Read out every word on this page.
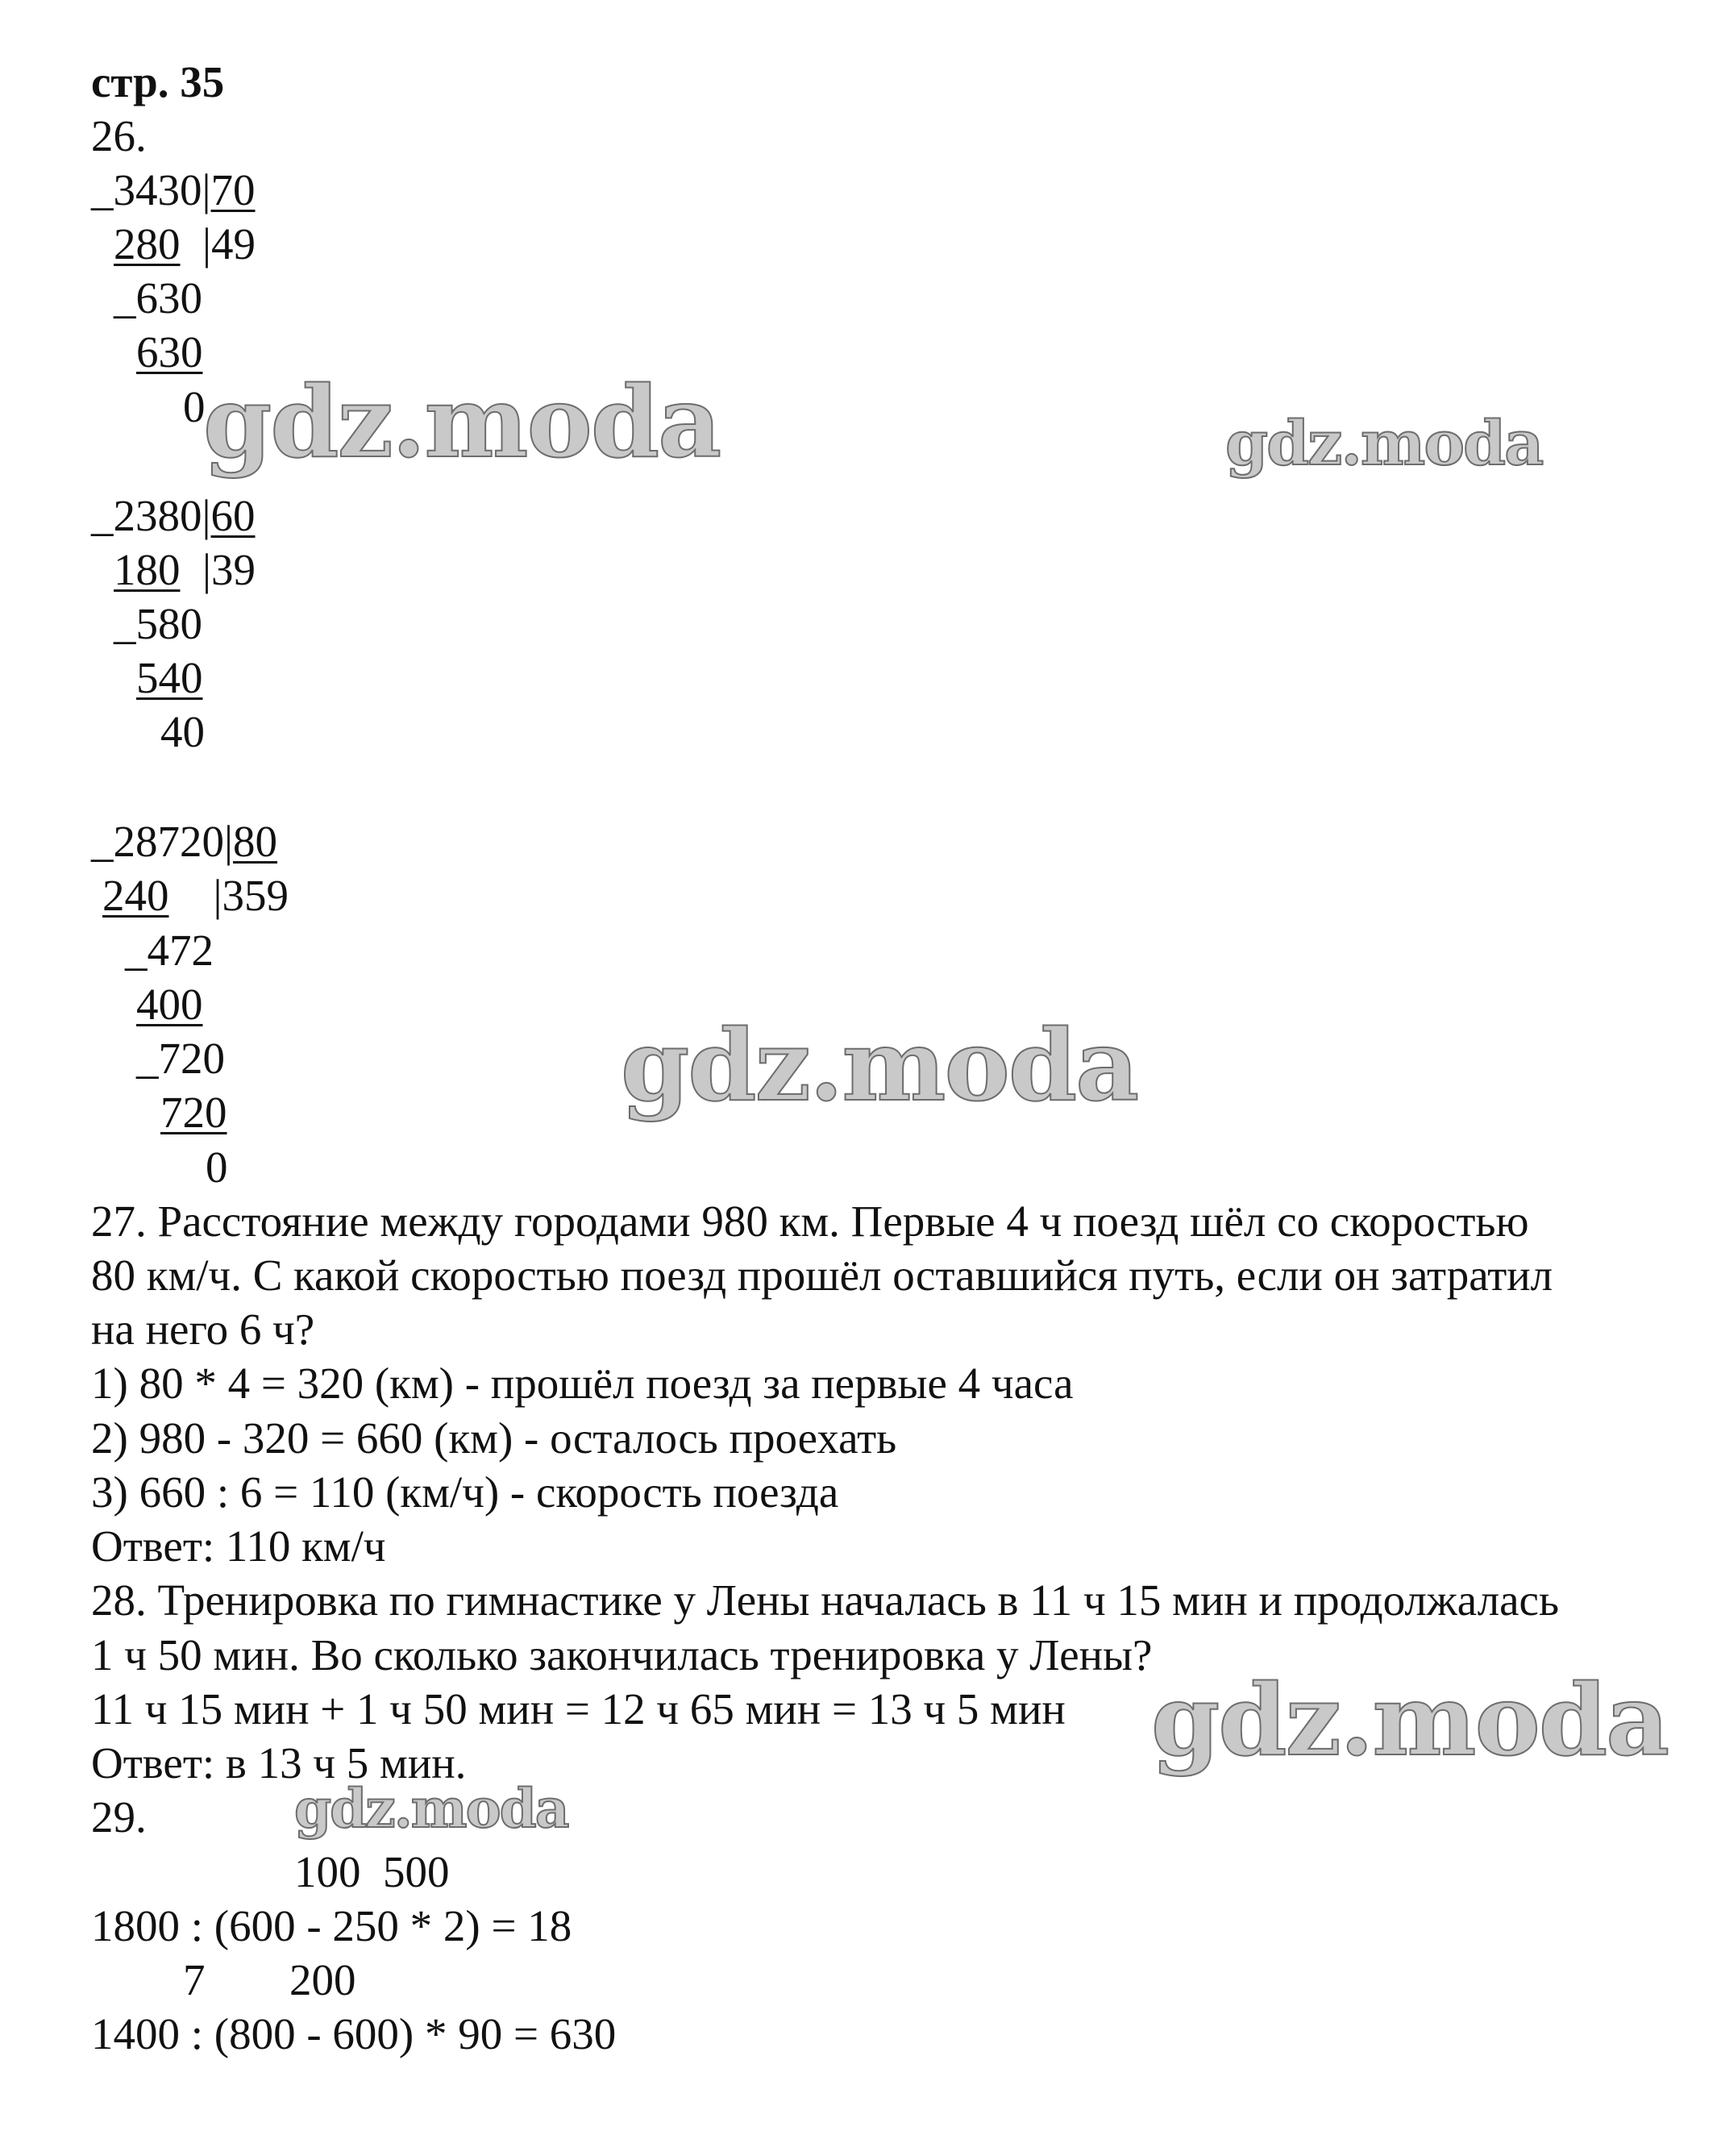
стр. 35
26.
_3430|70
280  |49
_630
630
0
_2380|60
180  |39
_580
540
40
_28720|80
240    |359
_472
400
_720
720
0
27. Расстояние между городами 980 км. Первые 4 ч поезд шёл со скоростью
80 км/ч. С какой скоростью поезд прошёл оставшийся путь, если он затратил
на него 6 ч?
1) 80 * 4 = 320 (км) - прошёл поезд за первые 4 часа
2) 980 - 320 = 660 (км) - осталось проехать
3) 660 : 6 = 110 (км/ч) - скорость поезда
Ответ: 110 км/ч
28. Тренировка по гимнастике у Лены началась в 11 ч 15 мин и продолжалась
1 ч 50 мин. Во сколько закончилась тренировка у Лены?
11 ч 15 мин + 1 ч 50 мин = 12 ч 65 мин = 13 ч 5 мин
Ответ: в 13 ч 5 мин.
29.
100  500
1800 : (600 - 250 * 2) = 18
7 200
1400 : (800 - 600) * 90 = 630
gdz.moda	gdz.moda
gdz.moda
gdz.moda
gdz.moda
